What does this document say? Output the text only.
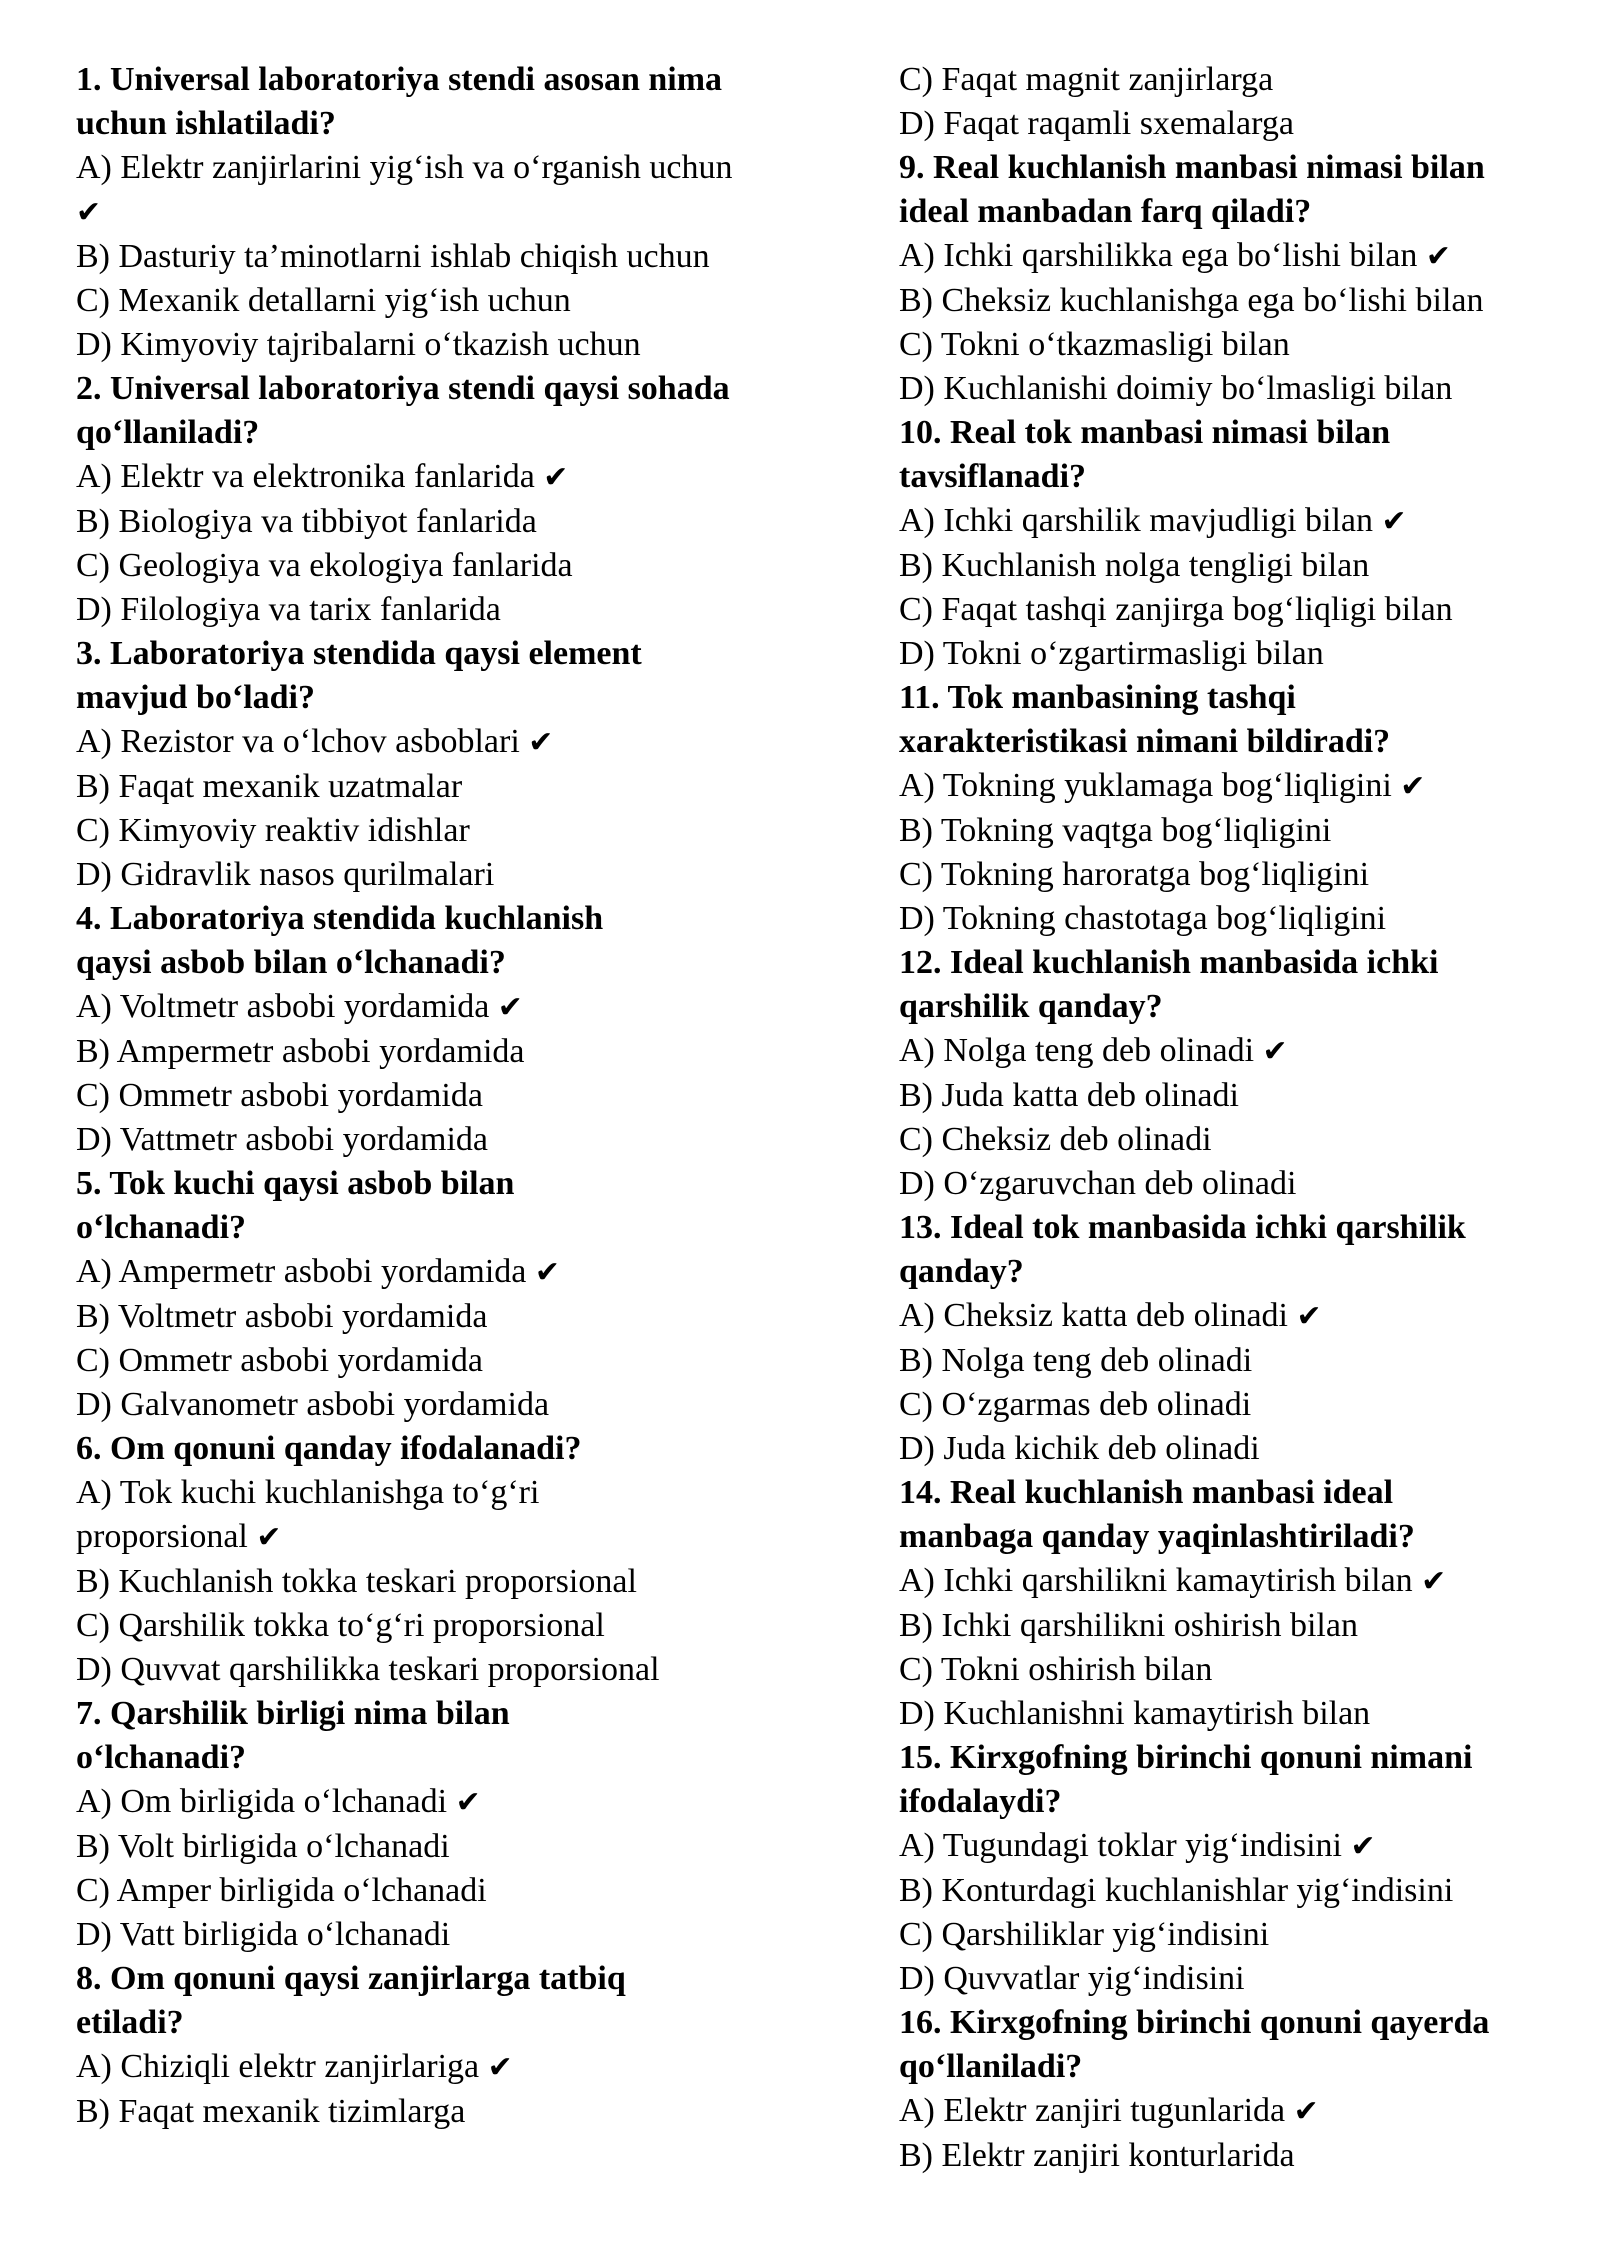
1. Universal laboratoriya stendi asosan nima
uchun ishlatiladi?
A) Elektr zanjirlarini yig‘ish va o‘rganish uchun
✔
B) Dasturiy ta’minotlarni ishlab chiqish uchun
C) Mexanik detallarni yig‘ish uchun
D) Kimyoviy tajribalarni o‘tkazish uchun
2. Universal laboratoriya stendi qaysi sohada
qo‘llaniladi?
A) Elektr va elektronika fanlarida ✔
B) Biologiya va tibbiyot fanlarida
C) Geologiya va ekologiya fanlarida
D) Filologiya va tarix fanlarida
3. Laboratoriya stendida qaysi element
mavjud bo‘ladi?
A) Rezistor va o‘lchov asboblari ✔
B) Faqat mexanik uzatmalar
C) Kimyoviy reaktiv idishlar
D) Gidravlik nasos qurilmalari
4. Laboratoriya stendida kuchlanish
qaysi asbob bilan o‘lchanadi?
A) Voltmetr asbobi yordamida ✔
B) Ampermetr asbobi yordamida
C) Ommetr asbobi yordamida
D) Vattmetr asbobi yordamida
5. Tok kuchi qaysi asbob bilan
o‘lchanadi?
A) Ampermetr asbobi yordamida ✔
B) Voltmetr asbobi yordamida
C) Ommetr asbobi yordamida
D) Galvanometr asbobi yordamida
6. Om qonuni qanday ifodalanadi?
A) Tok kuchi kuchlanishga to‘g‘ri
proporsional ✔
B) Kuchlanish tokka teskari proporsional
C) Qarshilik tokka to‘g‘ri proporsional
D) Quvvat qarshilikka teskari proporsional
7. Qarshilik birligi nima bilan
o‘lchanadi?
A) Om birligida o‘lchanadi ✔
B) Volt birligida o‘lchanadi
C) Amper birligida o‘lchanadi
D) Vatt birligida o‘lchanadi
8. Om qonuni qaysi zanjirlarga tatbiq
etiladi?
A) Chiziqli elektr zanjirlariga ✔
B) Faqat mexanik tizimlarga
C) Faqat magnit zanjirlarga
D) Faqat raqamli sxemalarga
9. Real kuchlanish manbasi nimasi bilan
ideal manbadan farq qiladi?
A) Ichki qarshilikka ega bo‘lishi bilan ✔
B) Cheksiz kuchlanishga ega bo‘lishi bilan
C) Tokni o‘tkazmasligi bilan
D) Kuchlanishi doimiy bo‘lmasligi bilan
10. Real tok manbasi nimasi bilan
tavsiflanadi?
A) Ichki qarshilik mavjudligi bilan ✔
B) Kuchlanish nolga tengligi bilan
C) Faqat tashqi zanjirga bog‘liqligi bilan
D) Tokni o‘zgartirmasligi bilan
11. Tok manbasining tashqi
xarakteristikasi nimani bildiradi?
A) Tokning yuklamaga bog‘liqligini ✔
B) Tokning vaqtga bog‘liqligini
C) Tokning haroratga bog‘liqligini
D) Tokning chastotaga bog‘liqligini
12. Ideal kuchlanish manbasida ichki
qarshilik qanday?
A) Nolga teng deb olinadi ✔
B) Juda katta deb olinadi
C) Cheksiz deb olinadi
D) O‘zgaruvchan deb olinadi
13. Ideal tok manbasida ichki qarshilik
qanday?
A) Cheksiz katta deb olinadi ✔
B) Nolga teng deb olinadi
C) O‘zgarmas deb olinadi
D) Juda kichik deb olinadi
14. Real kuchlanish manbasi ideal
manbaga qanday yaqinlashtiriladi?
A) Ichki qarshilikni kamaytirish bilan ✔
B) Ichki qarshilikni oshirish bilan
C) Tokni oshirish bilan
D) Kuchlanishni kamaytirish bilan
15. Kirxgofning birinchi qonuni nimani
ifodalaydi?
A) Tugundagi toklar yig‘indisini ✔
B) Konturdagi kuchlanishlar yig‘indisini
C) Qarshiliklar yig‘indisini
D) Quvvatlar yig‘indisini
16. Kirxgofning birinchi qonuni qayerda
qo‘llaniladi?
A) Elektr zanjiri tugunlarida ✔
B) Elektr zanjiri konturlarida
